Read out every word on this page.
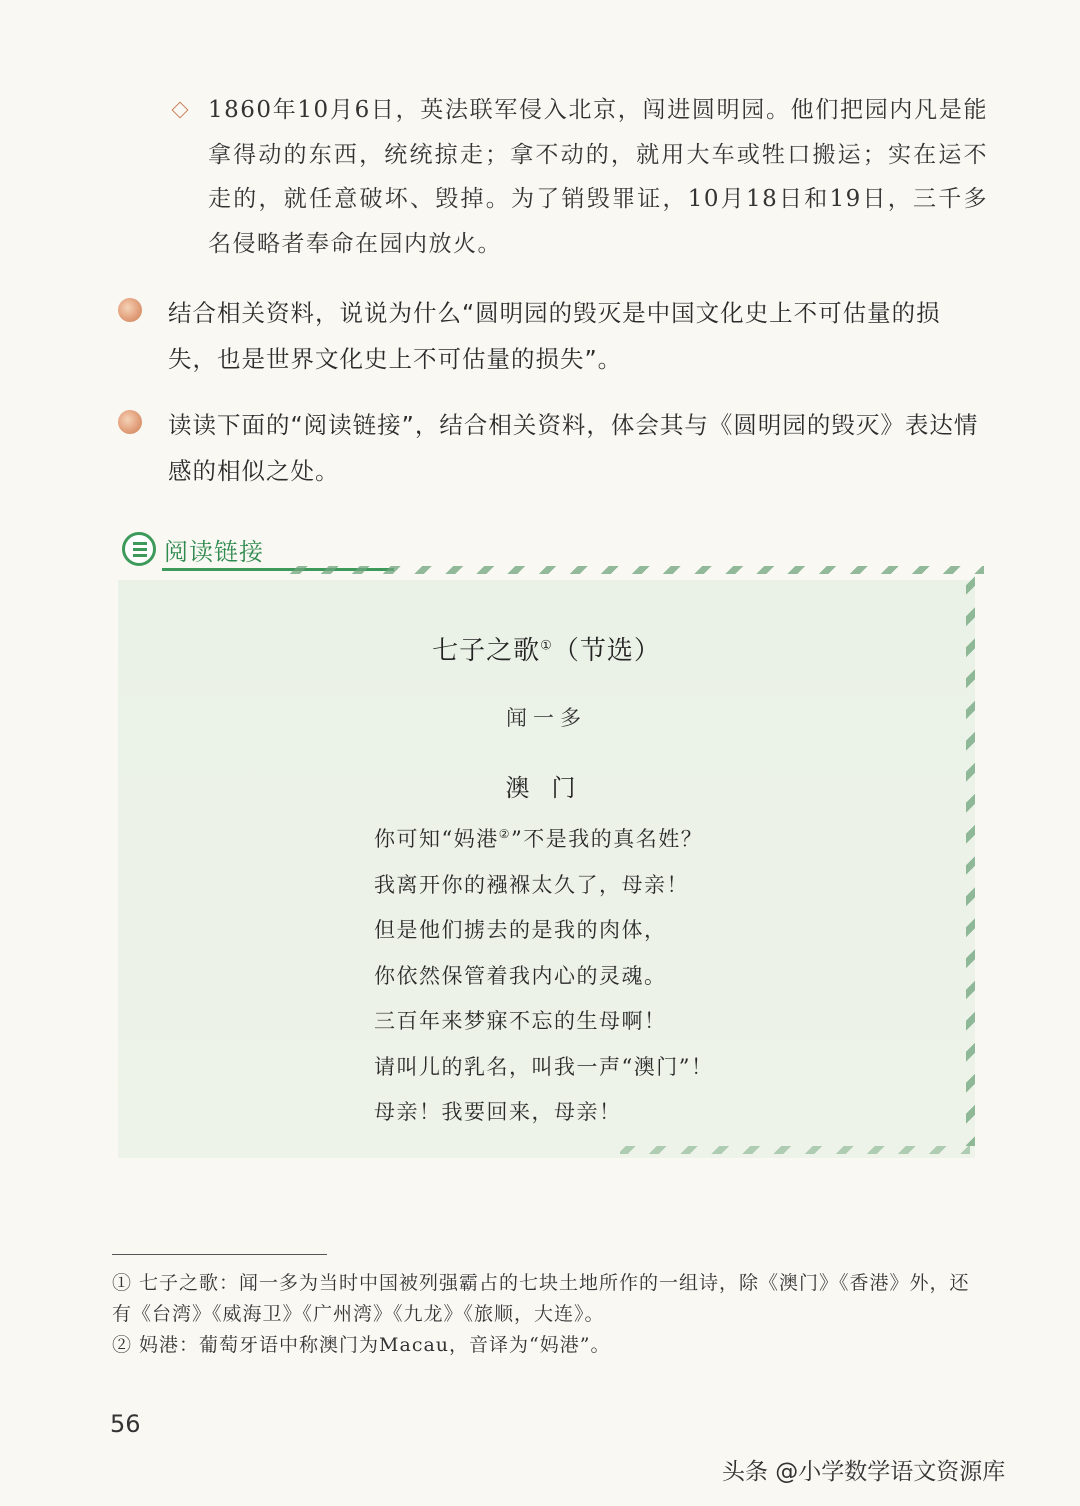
1860年10月6日，英法联军侵入北京，闯进圆明园。他们把园内凡是能拿得动的东西，统统掠走；拿不动的，就用大车或牲口搬运；实在运不走的，就任意破坏、毁掉。为了销毁罪证，10月18日和19日，三千多名侵略者奉命在园内放火。
结合相关资料，说说为什么“圆明园的毁灭是中国文化史上不可估量的损失，也是世界文化史上不可估量的损失”。
读读下面的“阅读链接”，结合相关资料，体会其与《圆明园的毁灭》表达情感的相似之处。
阅读链接
七子之歌①（节选）
闻一多
澳门
你可知“妈港②”不是我的真名姓？
我离开你的襁褓太久了，母亲！
但是他们掳去的是我的肉体，
你依然保管着我内心的灵魂。
三百年来梦寐不忘的生母啊！
请叫儿的乳名，叫我一声“澳门”！
母亲！我要回来，母亲！

① 七子之歌：闻一多为当时中国被列强霸占的七块土地所作的一组诗，除《澳门》《香港》外，还有《台湾》《威海卫》《广州湾》《九龙》《旅顺，大连》。

② 妈港：葡萄牙语中称澳门为Macau，音译为“妈港”。

56
头条 @小学数学语文资源库
